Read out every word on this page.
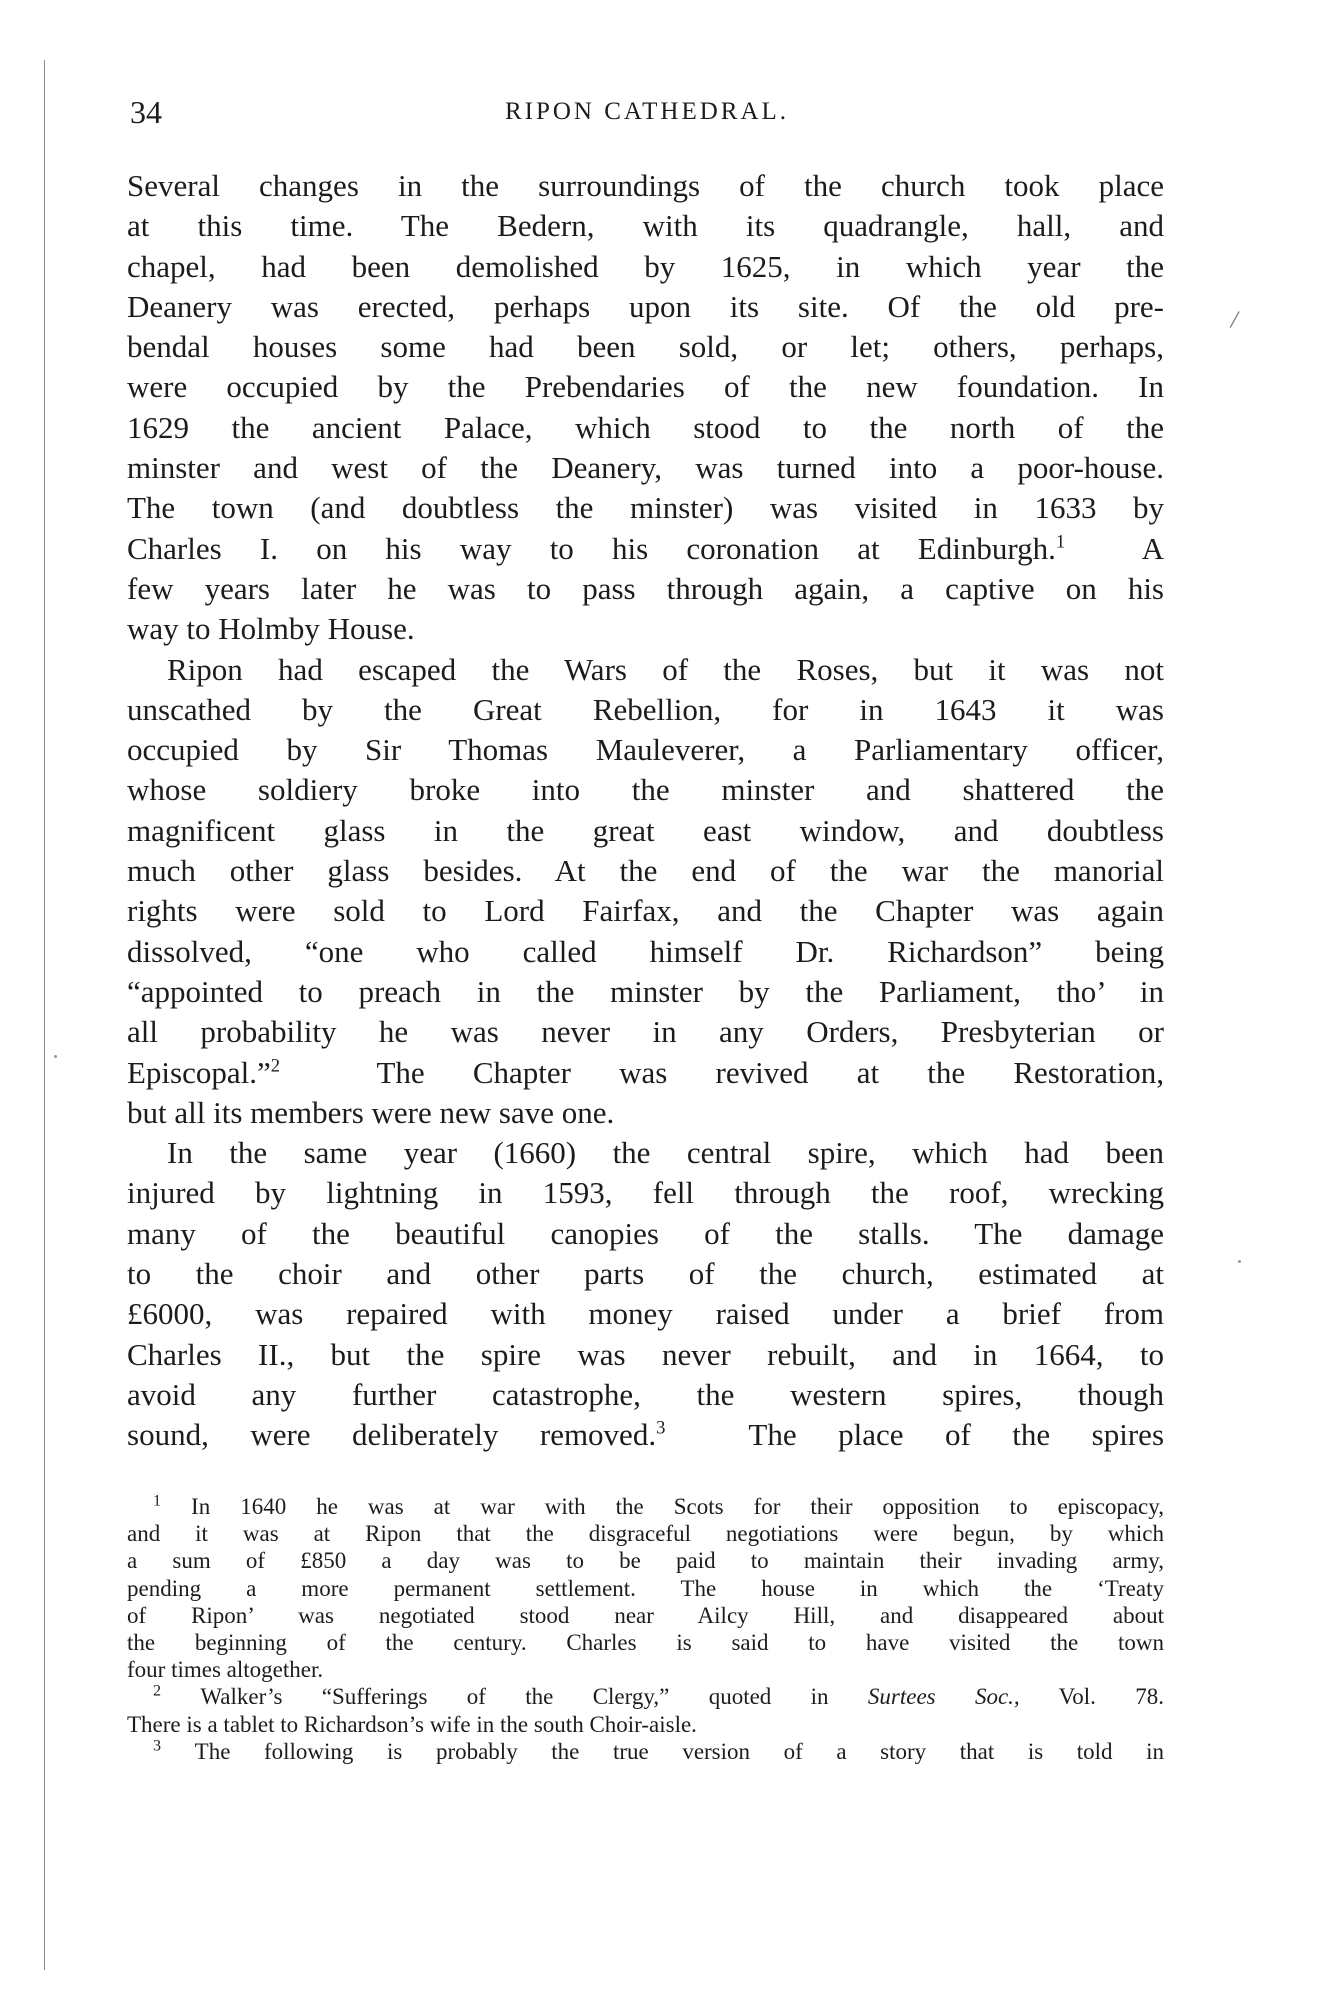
/
34	RIPON CATHEDRAL.

Several changes in the surroundings of the church took place
at this time. The Bedern, with its quadrangle, hall, and
chapel, had been demolished by 1625, in which year the
Deanery was erected, perhaps upon its site. Of the old pre-
bendal houses some had been sold, or let; others, perhaps,
were occupied by the Prebendaries of the new foundation. In
1629 the ancient Palace, which stood to the north of the
minster and west of the Deanery, was turned into a poor-house.
The town (and doubtless the minster) was visited in 1633 by
Charles I. on his way to his coronation at Edinburgh.$^1$ A
few years later he was to pass through again, a captive on his
way to Holmby House.

Ripon had escaped the Wars of the Roses, but it was not
unscathed by the Great Rebellion, for in 1643 it was
occupied by Sir Thomas Mauleverer, a Parliamentary officer,
whose soldiery broke into the minster and shattered the
magnificent glass in the great east window, and doubtless
much other glass besides. At the end of the war the manorial
rights were sold to Lord Fairfax, and the Chapter was again
dissolved, “one who called himself Dr. Richardson” being
“appointed to preach in the minster by the Parliament, tho’ in
all probability he was never in any Orders, Presbyterian or
Episcopal.”$^2$	The Chapter was revived at the Restoration,
but all its members were new save one.

In the same year (1660) the central spire, which had been
injured by lightning in 1593, fell through the roof, wrecking
many of the beautiful canopies of the stalls. The damage
to the choir and other parts of the church, estimated at
£6000, was repaired with money raised under a brief from
Charles II., but the spire was never rebuilt, and in 1664, to
avoid any further catastrophe, the western spires, though
sound, were deliberately removed.$^3$	The place of the spires

$^1$ In 1640 he was at war with the Scots for their opposition to episcopacy,
and it was at Ripon that the disgraceful negotiations were begun, by which
a sum of £850 a day was to be paid to maintain their invading army,
pending a more permanent settlement. The house in which the ‘Treaty
of Ripon’ was negotiated stood near Ailcy Hill, and disappeared about
the beginning of the century. Charles is said to have visited the town
four times altogether.
$^2$ Walker’s “Sufferings of the Clergy,” quoted in Surtees Soc., Vol. 78.
There is a tablet to Richardson’s wife in the south Choir-aisle.
$^3$ The following is probably the true version of a story that is told in
